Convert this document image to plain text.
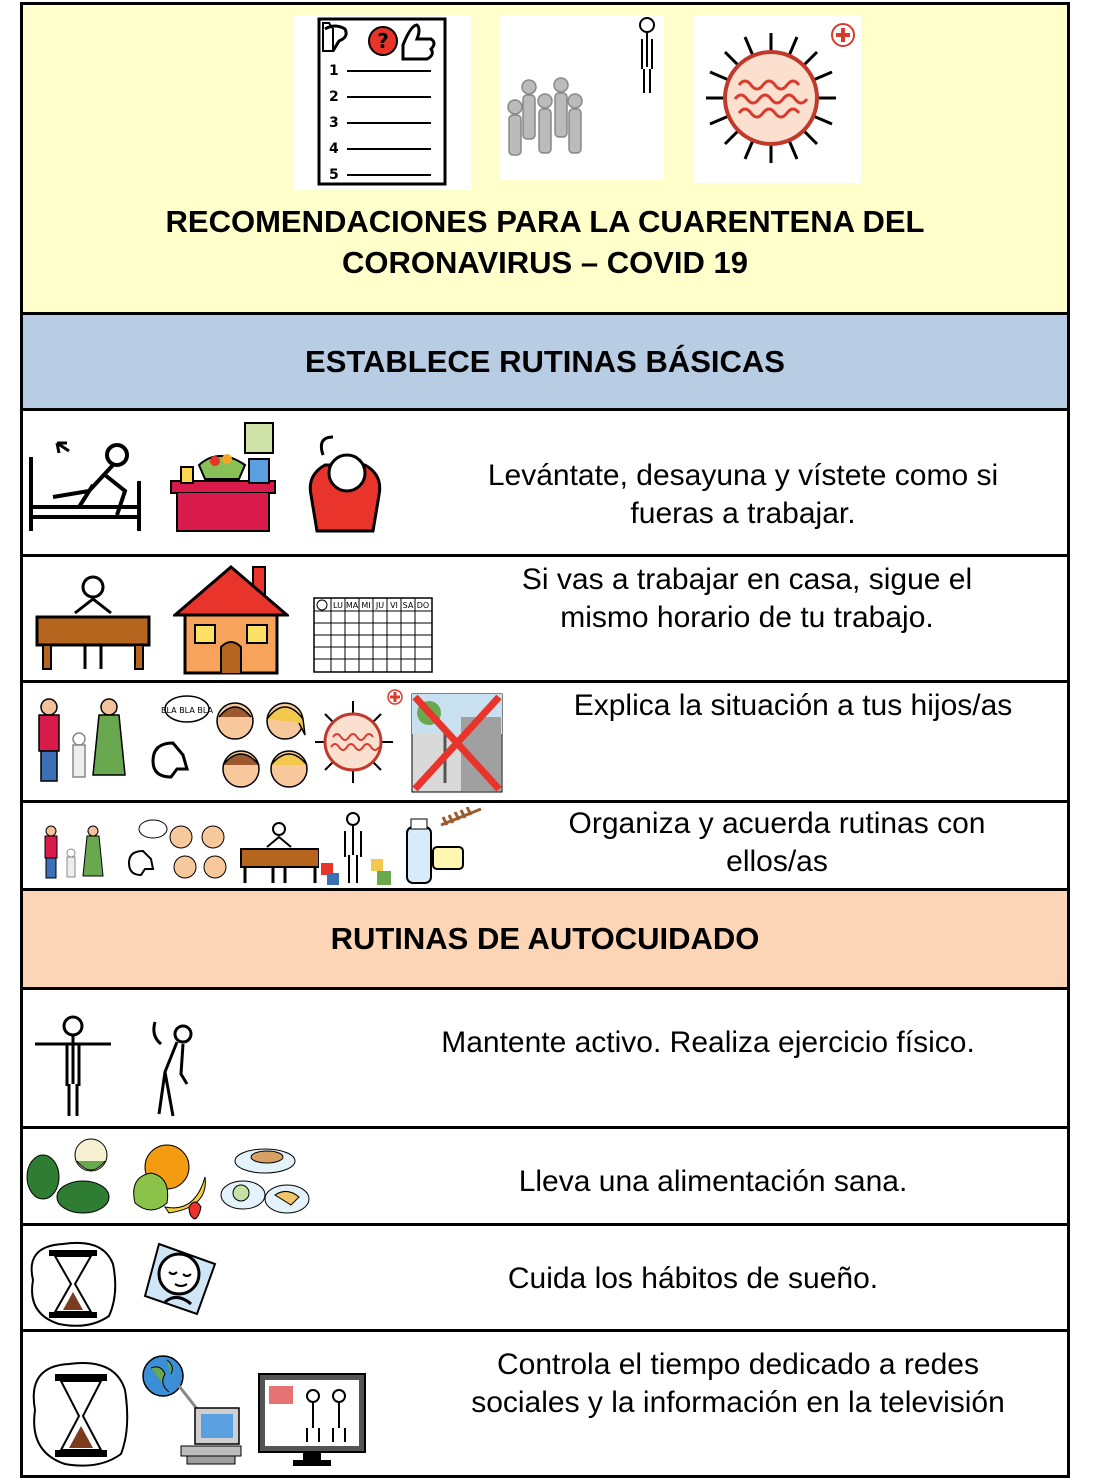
?
1
2
3
4
5
RECOMENDACIONES PARA LA CUARENTENA DEL
CORONAVIRUS – COVID 19
ESTABLECE RUTINAS BÁSICAS
Levántate, desayuna y vístete como si
fueras a trabajar.
LU MA MI JU VI SA DO
Si vas a trabajar en casa, sigue el
mismo horario de tu trabajo.
BLA BLA BLA	Explica la situación a tus hijos/as
Organiza y acuerda rutinas con
ellos/as
RUTINAS DE AUTOCUIDADO
Mantente activo. Realiza ejercicio físico.
Lleva una alimentación sana.
Cuida los hábitos de sueño.
Controla el tiempo dedicado a redes
sociales y la información en la televisión
